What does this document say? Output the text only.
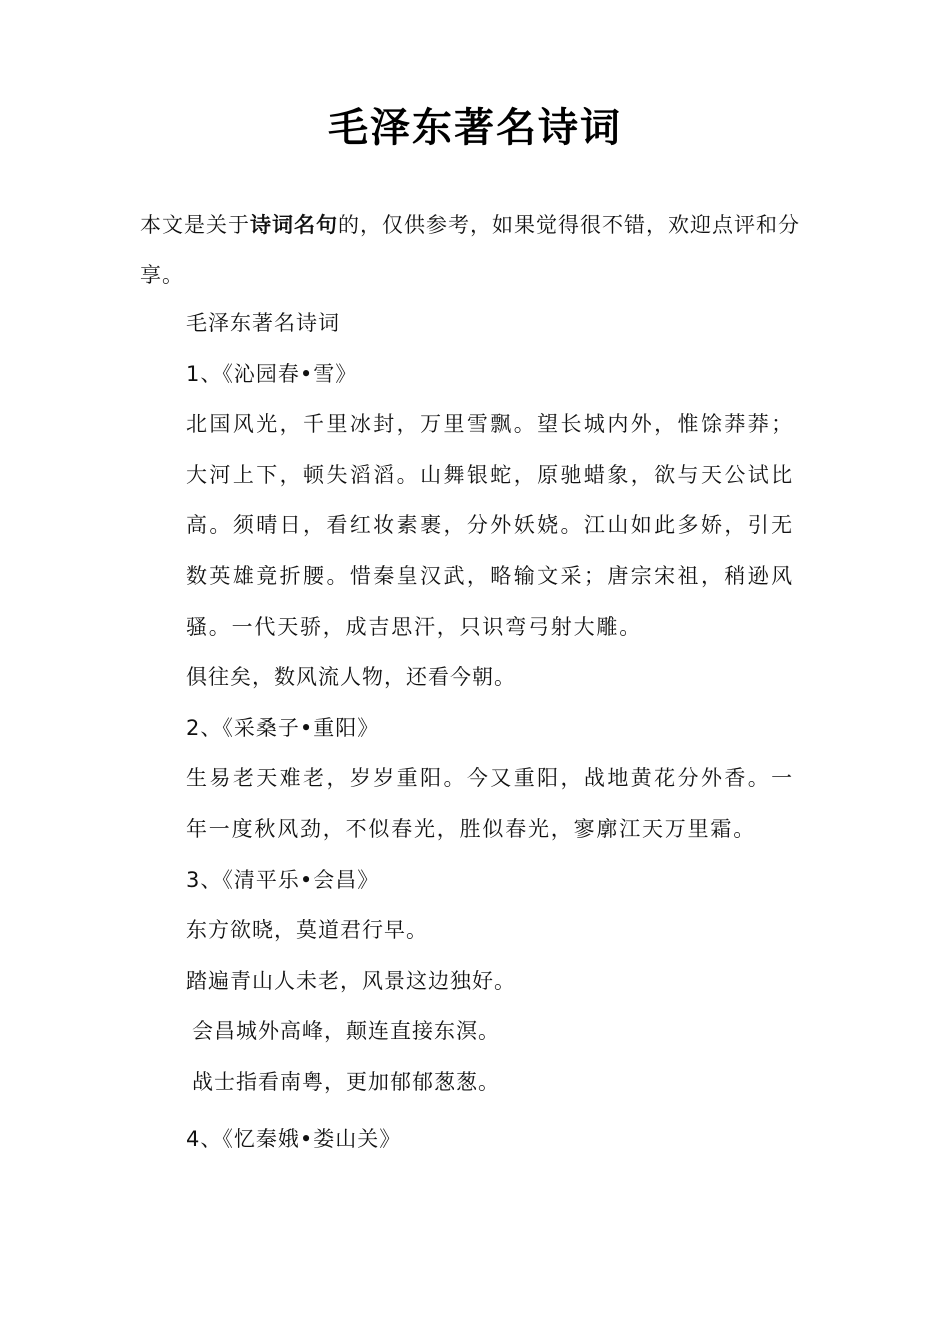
毛泽东著名诗词
本文是关于诗词名句的，仅供参考，如果觉得很不错，欢迎点评和分享。
毛泽东著名诗词
1、《沁园春•雪》
北国风光，千里冰封，万里雪飘。望长城内外，惟馀莽莽；大河上下，顿失滔滔。山舞银蛇，原驰蜡象，欲与天公试比高。须晴日，看红妆素裹，分外妖娆。江山如此多娇，引无数英雄竟折腰。惜秦皇汉武，略输文采；唐宗宋祖，稍逊风骚。一代天骄，成吉思汗，只识弯弓射大雕。
俱往矣，数风流人物，还看今朝。
2、《采桑子•重阳》
生易老天难老，岁岁重阳。今又重阳，战地黄花分外香。一年一度秋风劲，不似春光，胜似春光，寥廓江天万里霜。
3、《清平乐•会昌》
东方欲晓，莫道君行早。
踏遍青山人未老，风景这边独好。
会昌城外高峰，颠连直接东溟。
战士指看南粤，更加郁郁葱葱。
4、《忆秦娥•娄山关》
